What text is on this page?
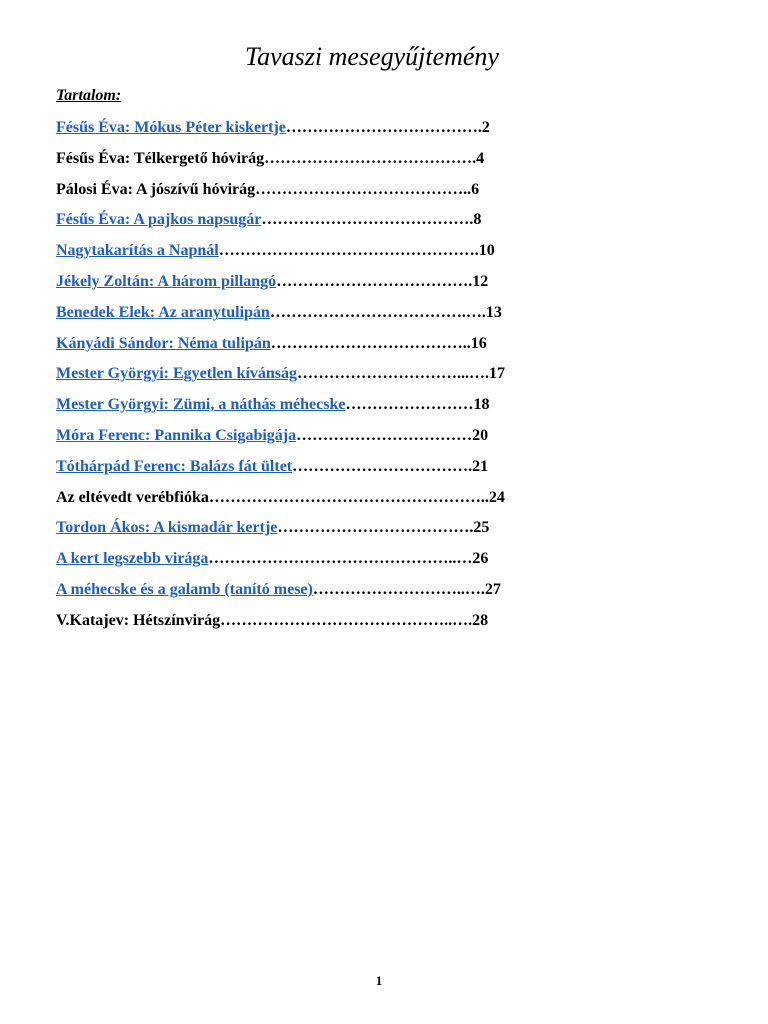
Tavaszi mesegyűjtemény
Tartalom:
Fésűs Éva: Mókus Péter kiskertje……………………………….2
Fésűs Éva: Télkergető hóvirág………………………………….4
Pálosi Éva: A jószívű hóvirág…………………………………..6
Fésűs Éva: A pajkos napsugár………………………………….8
Nagytakarítás a Napnál………………………………………….10
Jékely Zoltán: A három pillangó……………………………….12
Benedek Elek: Az aranytulipán……………………………….….13
Kányádi Sándor: Néma tulipán………………………………..16
Mester Györgyi: Egyetlen kívánság…………………………...….17
Mester Györgyi: Zümi, a náthás méhecske……………………18
Móra Ferenc: Pannika Csigabigája……………………………20
Tóthárpád Ferenc: Balázs fát ültet…………………………….21
Az eltévedt verébfióka……………………………………………..24
Tordon Ákos: A kismadár kertje……………………………….25
A kert legszebb virága………………………………………..…26
A méhecske és a galamb (tanító mese)………………………..….27
V.Katajev: Hétszínvirág……………………………………..….28
1
